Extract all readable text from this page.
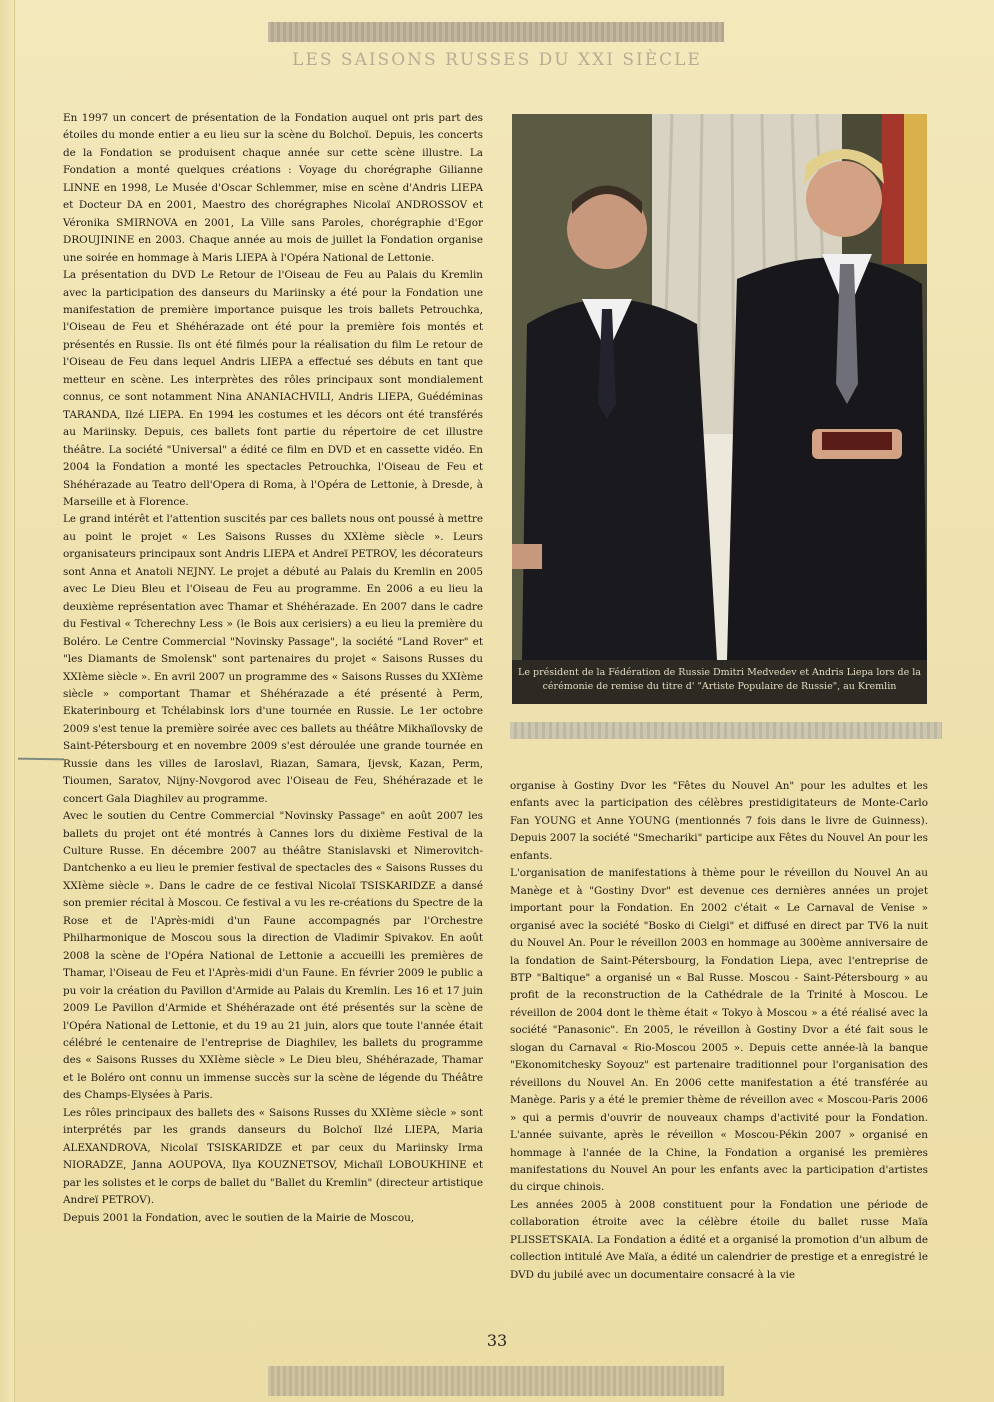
LES SAISONS RUSSES DU XXI SIÈCLE

En 1997 un concert de présentation de la Fondation auquel ont pris part des étoiles du monde entier a eu lieu sur la scène du Bolchoï. Depuis, les concerts de la Fondation se produisent chaque année sur cette scène illustre. La Fondation a monté quelques créations : Voyage du chorégraphe Gilianne LINNE en 1998, Le Musée d'Oscar Schlemmer, mise en scène d'Andris LIEPA et Docteur DA en 2001, Maestro des chorégraphes Nicolaï ANDROSSOV et Véronika SMIRNOVA en 2001, La Ville sans Paroles, chorégraphie d'Egor DROUJININE en 2003. Chaque année au mois de juillet la Fondation organise une soirée en hommage à Maris LIEPA à l'Opéra National de Lettonie.

La présentation du DVD Le Retour de l'Oiseau de Feu au Palais du Kremlin avec la participation des danseurs du Mariinsky a été pour la Fondation une manifestation de première importance puisque les trois ballets Petrouchka, l'Oiseau de Feu et Shéhérazade ont été pour la première fois montés et présentés en Russie. Ils ont été filmés pour la réalisation du film Le retour de l'Oiseau de Feu dans lequel Andris LIEPA a effectué ses débuts en tant que metteur en scène. Les interprètes des rôles principaux sont mondialement connus, ce sont notamment Nina ANANIACHVILI, Andris LIEPA, Guédéminas TARANDA, Ilzé LIEPA. En 1994 les costumes et les décors ont été transférés au Mariinsky. Depuis, ces ballets font partie du répertoire de cet illustre théâtre. La société "Universal" a édité ce film en DVD et en cassette vidéo. En 2004 la Fondation a monté les spectacles Petrouchka, l'Oiseau de Feu et Shéhérazade au Teatro dell'Opera di Roma, à l'Opéra de Lettonie, à Dresde, à Marseille et à Florence.

Le grand intérêt et l'attention suscités par ces ballets nous ont poussé à mettre au point le projet « Les Saisons Russes du XXIème siècle ». Leurs organisateurs principaux sont Andris LIEPA et Andreï PETROV, les décorateurs sont Anna et Anatoli NEJNY. Le projet a débuté au Palais du Kremlin en 2005 avec Le Dieu Bleu et l'Oiseau de Feu au programme. En 2006 a eu lieu la deuxième représentation avec Thamar et Shéhérazade. En 2007 dans le cadre du Festival « Tcherechny Less » (le Bois aux cerisiers) a eu lieu la première du Boléro. Le Centre Commercial "Novinsky Passage", la société "Land Rover" et "les Diamants de Smolensk" sont partenaires du projet « Saisons Russes du XXIème siècle ». En avril 2007 un programme des « Saisons Russes du XXIème siècle » comportant Thamar et Shéhérazade a été présenté à Perm, Ekaterinbourg et Tchélabinsk lors d'une tournée en Russie. Le 1er octobre 2009 s'est tenue la première soirée avec ces ballets au théâtre Mikhaïlovsky de Saint-Pétersbourg et en novembre 2009 s'est déroulée une grande tournée en Russie dans les villes de Iaroslavl, Riazan, Samara, Ijevsk, Kazan, Perm, Tioumen, Saratov, Nijny-Novgorod avec l'Oiseau de Feu, Shéhérazade et le concert Gala Diaghilev au programme.

Avec le soutien du Centre Commercial "Novinsky Passage" en août 2007 les ballets du projet ont été montrés à Cannes lors du dixième Festival de la Culture Russe. En décembre 2007 au théâtre Stanislavski et Nimerovitch-Dantchenko a eu lieu le premier festival de spectacles des « Saisons Russes du XXIème siècle ». Dans le cadre de ce festival Nicolaï TSISKARIDZE a dansé son premier récital à Moscou. Ce festival a vu les re-créations du Spectre de la Rose et de l'Après-midi d'un Faune accompagnés par l'Orchestre Philharmonique de Moscou sous la direction de Vladimir Spivakov. En août 2008 la scène de l'Opéra National de Lettonie a accueilli les premières de Thamar, l'Oiseau de Feu et l'Après-midi d'un Faune. En février 2009 le public a pu voir la création du Pavillon d'Armide au Palais du Kremlin. Les 16 et 17 juin 2009 Le Pavillon d'Armide et Shéhérazade ont été présentés sur la scène de l'Opéra National de Lettonie, et du 19 au 21 juin, alors que toute l'année était célébré le centenaire de l'entreprise de Diaghilev, les ballets du programme des « Saisons Russes du XXIème siècle » Le Dieu bleu, Shéhérazade, Thamar et le Boléro ont connu un immense succès sur la scène de légende du Théâtre des Champs-Elysées à Paris.

Les rôles principaux des ballets des « Saisons Russes du XXIème siècle » sont interprétés par les grands danseurs du Bolchoï Ilzé LIEPA, Maria ALEXANDROVA, Nicolaï TSISKARIDZE et par ceux du Mariinsky Irma NIORADZE, Janna AOUPOVA, Ilya KOUZNETSOV, Michaïl LOBOUKHINE et par les solistes et le corps de ballet du "Ballet du Kremlin" (directeur artistique Andreï PETROV).

Depuis 2001 la Fondation, avec le soutien de la Mairie de Moscou,

Le président de la Fédération de Russie Dmitri Medvedev et Andris Liepa lors de la cérémonie de remise du titre d' "Artiste Populaire de Russie", au Kremlin

organise à Gostiny Dvor les "Fêtes du Nouvel An" pour les adultes et les enfants avec la participation des célèbres prestidigitateurs de Monte-Carlo Fan YOUNG et Anne YOUNG (mentionnés 7 fois dans le livre de Guinness). Depuis 2007 la société "Smechariki" participe aux Fêtes du Nouvel An pour les enfants.

L'organisation de manifestations à thème pour le réveillon du Nouvel An au Manège et à "Gostiny Dvor" est devenue ces dernières années un projet important pour la Fondation. En 2002 c'était « Le Carnaval de Venise » organisé avec la société "Bosko di Cielgi" et diffusé en direct par TV6 la nuit du Nouvel An. Pour le réveillon 2003 en hommage au 300ème anniversaire de la fondation de Saint-Pétersbourg, la Fondation Liepa, avec l'entreprise de BTP "Baltique" a organisé un « Bal Russe. Moscou - Saint-Pétersbourg » au profit de la reconstruction de la Cathédrale de la Trinité à Moscou. Le réveillon de 2004 dont le thème était « Tokyo à Moscou » a été réalisé avec la société "Panasonic". En 2005, le réveillon à Gostiny Dvor a été fait sous le slogan du Carnaval « Rio-Moscou 2005 ». Depuis cette année-là la banque "Ekonomitchesky Soyouz" est partenaire traditionnel pour l'organisation des réveillons du Nouvel An. En 2006 cette manifestation a été transférée au Manège. Paris y a été le premier thème de réveillon avec « Moscou-Paris 2006 » qui a permis d'ouvrir de nouveaux champs d'activité pour la Fondation. L'année suivante, après le réveillon « Moscou-Pékin 2007 » organisé en hommage à l'année de la Chine, la Fondation a organisé les premières manifestations du Nouvel An pour les enfants avec la participation d'artistes du cirque chinois.

Les années 2005 à 2008 constituent pour la Fondation une période de collaboration étroite avec la célèbre étoile du ballet russe Maïa PLISSETSKAIA. La Fondation a édité et a organisé la promotion d'un album de collection intitulé Ave Maïa, a édité un calendrier de prestige et a enregistré le DVD du jubilé avec un documentaire consacré à la vie

33
